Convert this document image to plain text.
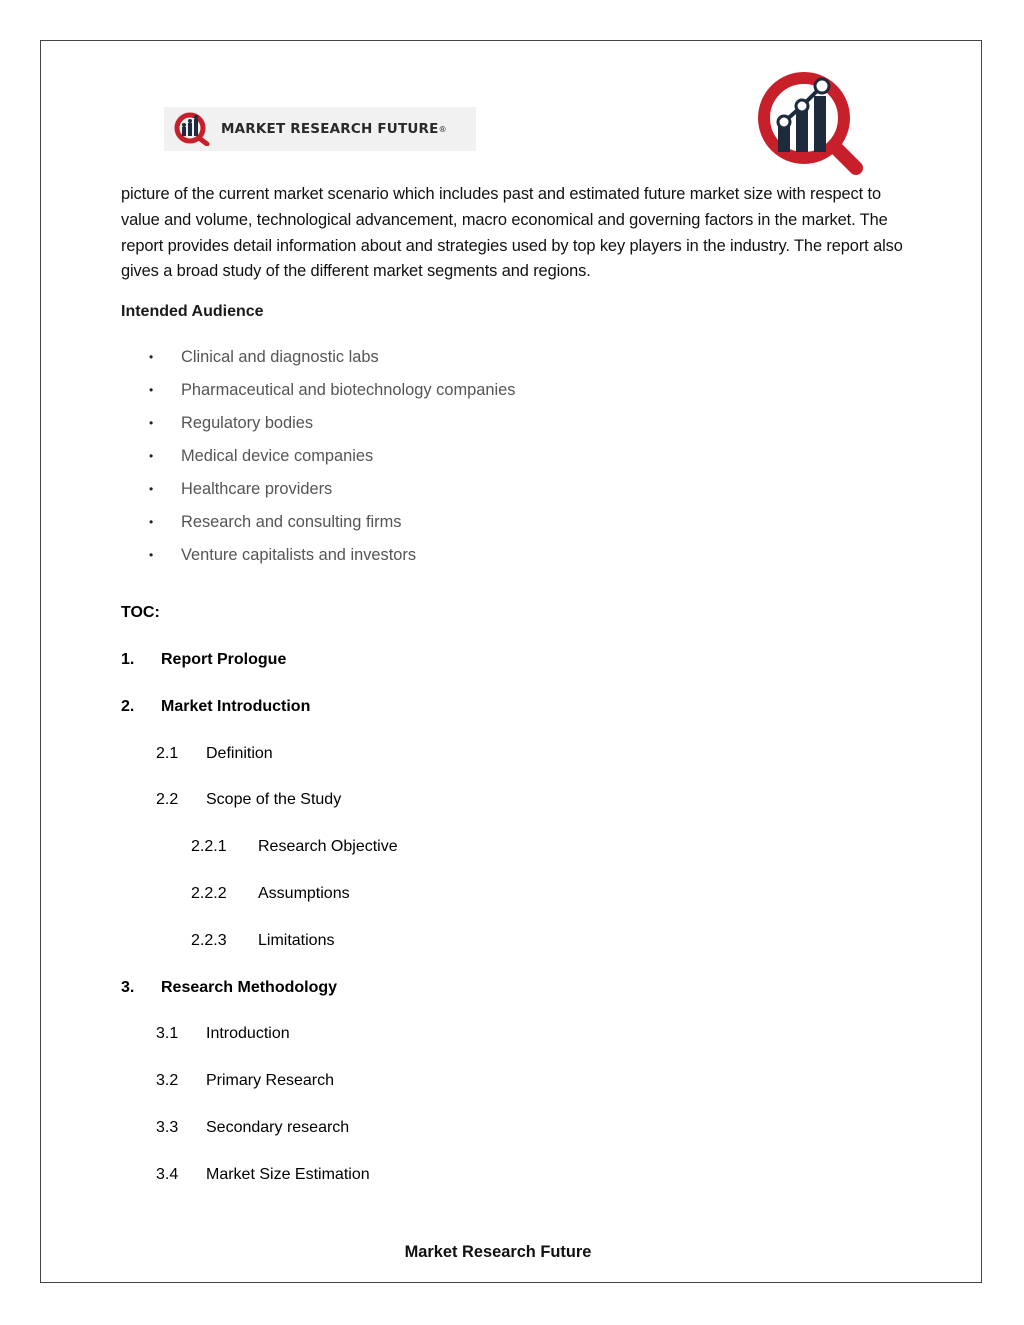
MARKET RESEARCH FUTURE ®

picture of the current market scenario which includes past and estimated future market size with respect to value and volume, technological advancement, macro economical and governing factors in the market. The report provides detail information about and strategies used by top key players in the industry. The report also gives a broad study of the different market segments and regions.

Intended Audience
•	Clinical and diagnostic labs
•	Pharmaceutical and biotechnology companies
•	Regulatory bodies
•	Medical device companies
•	Healthcare providers
•	Research and consulting firms
•	Venture capitalists and investors
TOC:
1. Report Prologue
2. Market Introduction
2.1 Definition
2.2 Scope of the Study
2.2.1 Research Objective
2.2.2 Assumptions
2.2.3 Limitations
3. Research Methodology
3.1 Introduction
3.2 Primary Research
3.3 Secondary research
3.4 Market Size Estimation
Market Research Future
